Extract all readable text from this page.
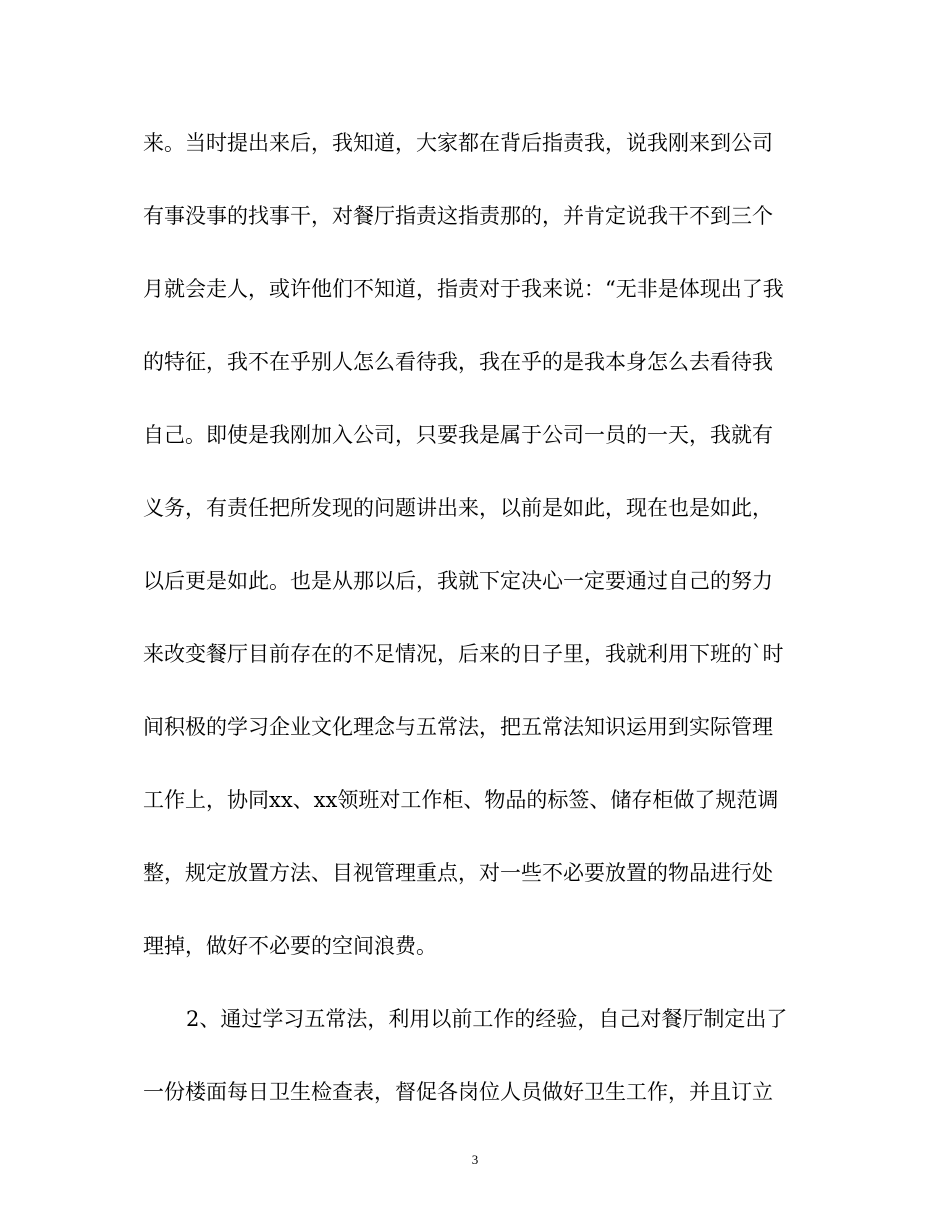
来。当时提出来后，我知道，大家都在背后指责我，说我刚来到公司
有事没事的找事干，对餐厅指责这指责那的，并肯定说我干不到三个
月就会走人，或许他们不知道，指责对于我来说：“无非是体现出了我
的特征，我不在乎别人怎么看待我，我在乎的是我本身怎么去看待我
自己。即使是我刚加入公司，只要我是属于公司一员的一天，我就有
义务，有责任把所发现的问题讲出来，以前是如此，现在也是如此，
以后更是如此。也是从那以后，我就下定决心一定要通过自己的努力
来改变餐厅目前存在的不足情况，后来的日子里，我就利用下班的`时
间积极的学习企业文化理念与五常法，把五常法知识运用到实际管理
工作上，协同xx、xx领班对工作柜、物品的标签、储存柜做了规范调
整，规定放置方法、目视管理重点，对一些不必要放置的物品进行处
理掉，做好不必要的空间浪费。
2、通过学习五常法，利用以前工作的经验，自己对餐厅制定出了
一份楼面每日卫生检查表，督促各岗位人员做好卫生工作，并且订立
3
